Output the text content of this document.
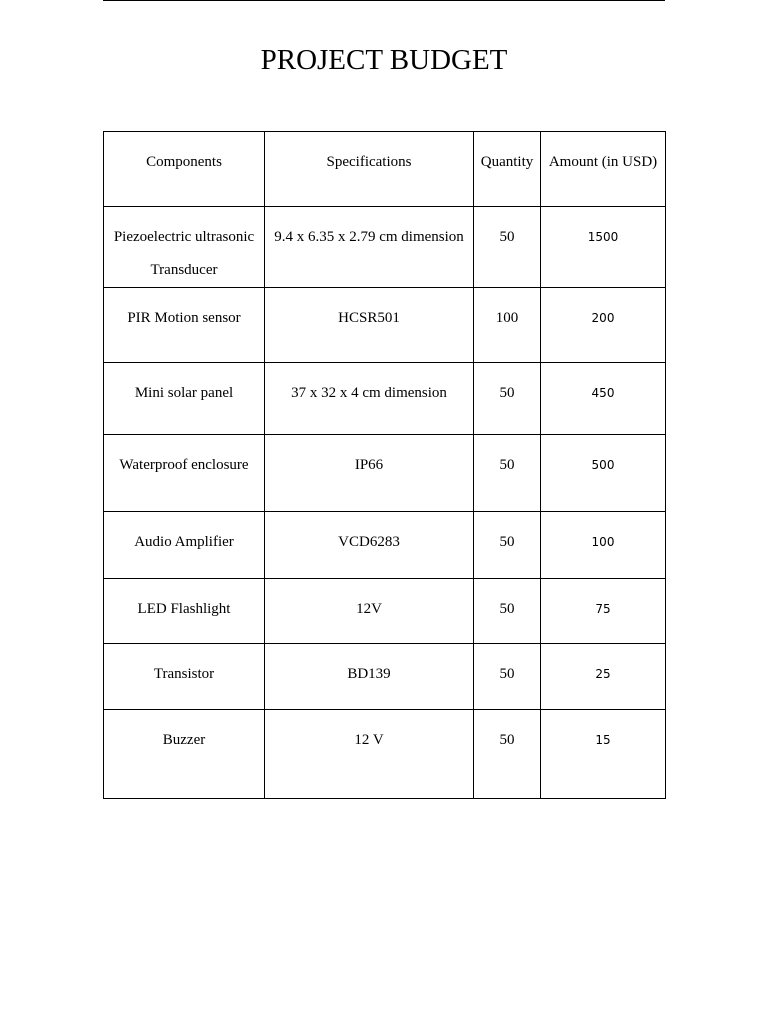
PROJECT BUDGET
Components	Specifications	Quantity	Amount (in USD)

Piezoelectric ultrasonic Transducer	9.4 x 6.35 x 2.79 cm dimension	50	1500

PIR Motion sensor	HCSR501	100	200

Mini solar panel	37 x 32 x 4 cm dimension	50	450

Waterproof enclosure	IP66	50	500

Audio Amplifier	VCD6283	50	100

LED Flashlight	12V	50	75

Transistor	BD139	50	25

Buzzer	12 V	50	15
